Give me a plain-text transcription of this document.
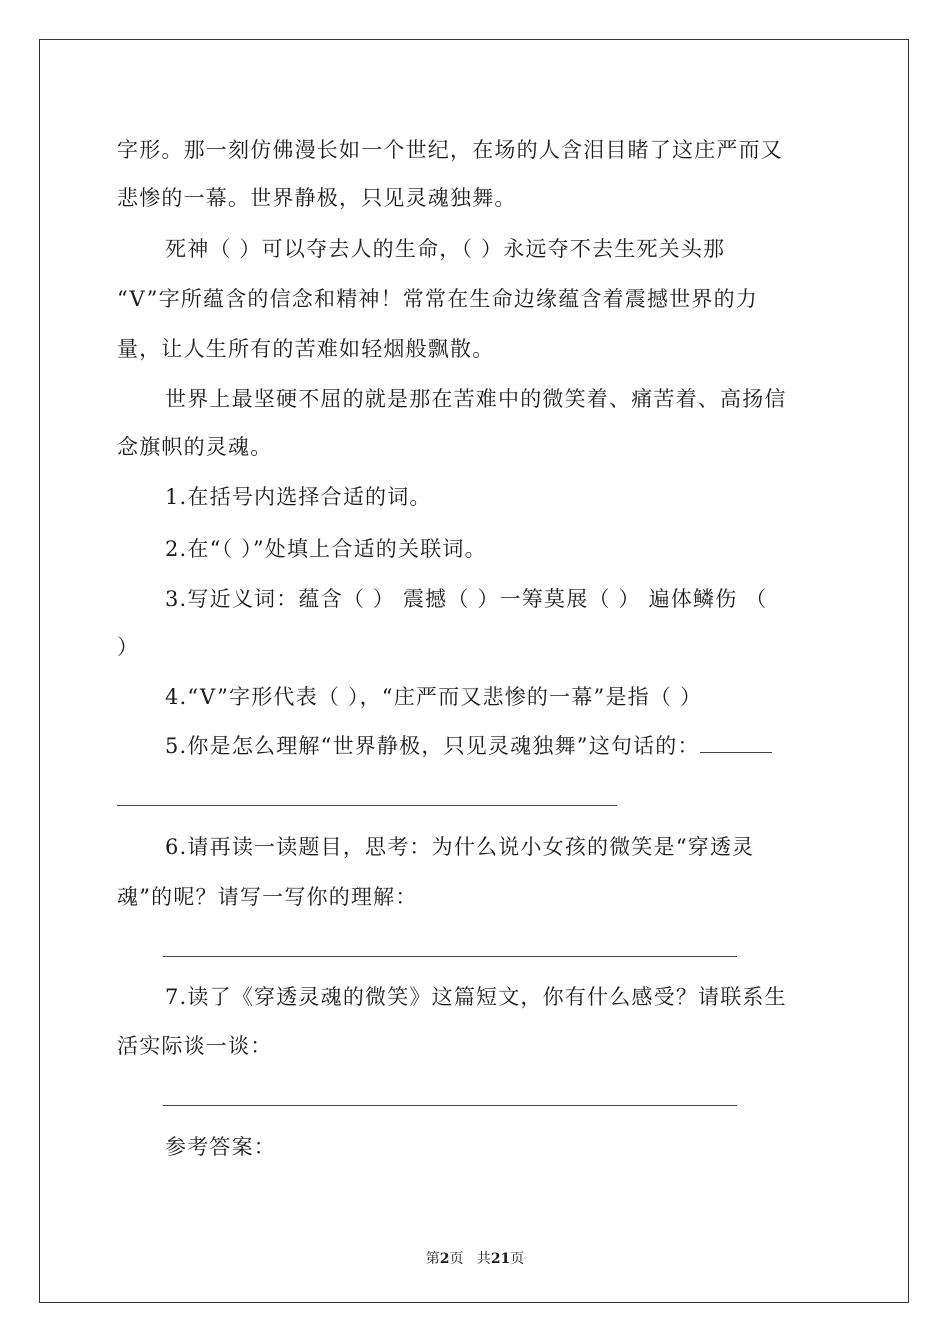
字形。那一刻仿佛漫长如一个世纪，在场的人含泪目睹了这庄严而又
悲惨的一幕。世界静极，只见灵魂独舞。
死神（ ）可以夺去人的生命，（ ）永远夺不去生死关头那
“V”字所蕴含的信念和精神！常常在生命边缘蕴含着震撼世界的力
量，让人生所有的苦难如轻烟般飘散。
世界上最坚硬不屈的就是那在苦难中的微笑着、痛苦着、高扬信
念旗帜的灵魂。
1.在括号内选择合适的词。
2.在“（ ）”处填上合适的关联词。
3.写近义词：蕴含（ ） 震撼（ ）一筹莫展（ ） 遍体鳞伤 （
）
4.“V”字形代表（ ），“庄严而又悲惨的一幕”是指（ ）
5.你是怎么理解“世界静极，只见灵魂独舞”这句话的：
6.请再读一读题目，思考：为什么说小女孩的微笑是“穿透灵
魂”的呢？请写一写你的理解：
7.读了《穿透灵魂的微笑》这篇短文，你有什么感受？请联系生
活实际谈一谈：
参考答案：
第2页   共21页
